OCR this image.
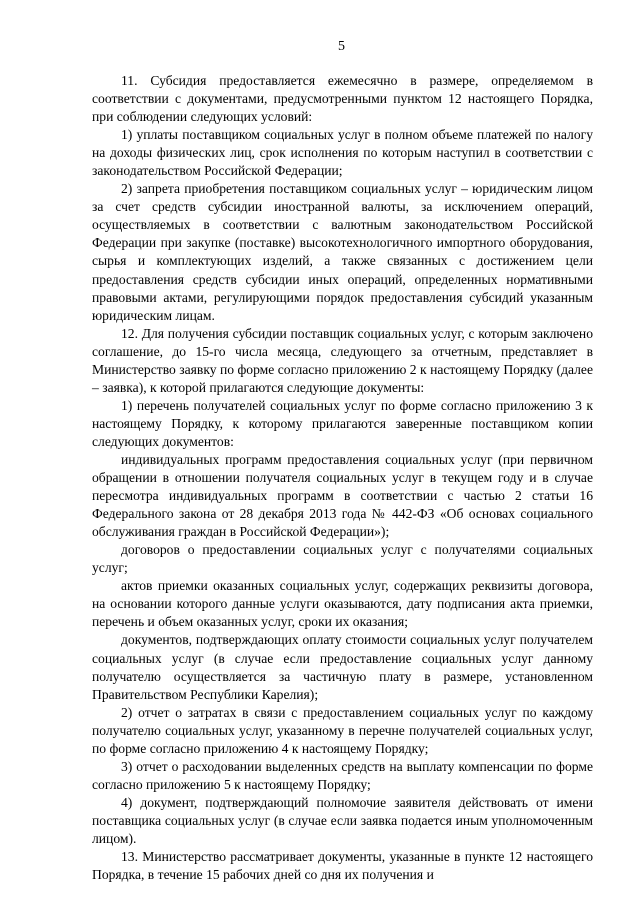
5

11. Субсидия предоставляется ежемесячно в размере, определяемом в соответствии с документами, предусмотренными пунктом 12 настоящего Порядка, при соблюдении следующих условий:

1) уплаты поставщиком социальных услуг в полном объеме платежей по налогу на доходы физических лиц, срок исполнения по которым наступил в соответствии с законодательством Российской Федерации;

2) запрета приобретения поставщиком социальных услуг – юридическим лицом за счет средств субсидии иностранной валюты, за исключением операций, осуществляемых в соответствии с валютным законодательством Российской Федерации при закупке (поставке) высокотехнологичного импортного оборудования, сырья и комплектующих изделий, а также связанных с достижением цели предоставления средств субсидии иных операций, определенных нормативными правовыми актами, регулирующими порядок предоставления субсидий указанным юридическим лицам.

12. Для получения субсидии поставщик социальных услуг, с которым заключено соглашение, до 15-го числа месяца, следующего за отчетным, представляет в Министерство заявку по форме согласно приложению 2 к настоящему Порядку (далее – заявка), к которой прилагаются следующие документы:

1) перечень получателей социальных услуг по форме согласно приложению 3 к настоящему Порядку, к которому прилагаются заверенные поставщиком копии следующих документов:

индивидуальных программ предоставления социальных услуг (при первичном обращении в отношении получателя социальных услуг в текущем году и в случае пересмотра индивидуальных программ в соответствии с частью 2 статьи 16 Федерального закона от 28 декабря 2013 года № 442-ФЗ «Об основах социального обслуживания граждан в Российской Федерации»);

договоров о предоставлении социальных услуг с получателями социальных услуг;

актов приемки оказанных социальных услуг, содержащих реквизиты договора, на основании которого данные услуги оказываются, дату подписания акта приемки, перечень и объем оказанных услуг, сроки их оказания;

документов, подтверждающих оплату стоимости социальных услуг получателем социальных услуг (в случае если предоставление социальных услуг данному получателю осуществляется за частичную плату в размере, установленном Правительством Республики Карелия);

2) отчет о затратах в связи с предоставлением социальных услуг по каждому получателю социальных услуг, указанному в перечне получателей социальных услуг, по форме согласно приложению 4 к настоящему Порядку;

3) отчет о расходовании выделенных средств на выплату компенсации по форме согласно приложению 5 к настоящему Порядку;

4) документ, подтверждающий полномочие заявителя действовать от имени поставщика социальных услуг (в случае если заявка подается иным уполномоченным лицом).

13. Министерство рассматривает документы, указанные в пункте 12 настоящего Порядка, в течение 15 рабочих дней со дня их получения и
